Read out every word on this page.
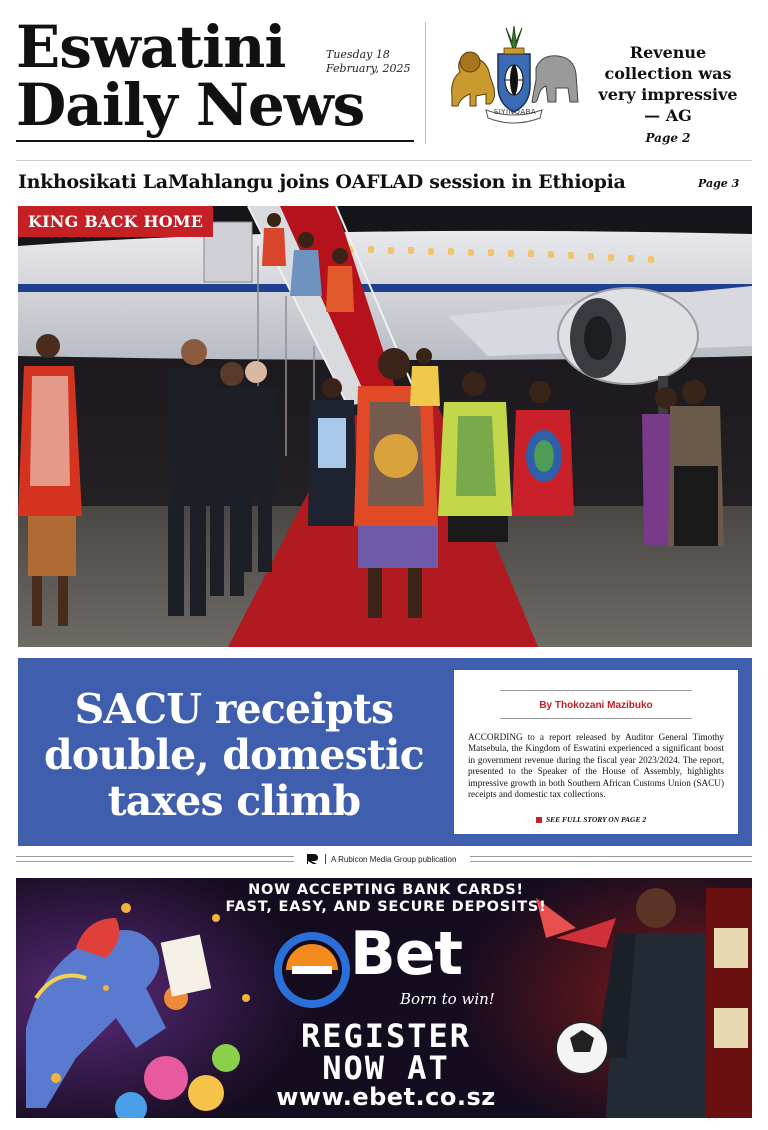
Eswatini
Daily News
Tuesday 18
February, 2025
SIYINQABA
Revenue collection was very impressive — AG
Page 2
Inkhosikati LaMahlangu joins OAFLAD session in Ethiopia	Page 3
KING BACK HOME
SACU receipts double, domestic taxes climb
By Thokozani Mazibuko

ACCORDING to a report released by Auditor General Timothy Matsebula, the Kingdom of Eswatini experienced a significant boost in government revenue during the fiscal year 2023/2024. The report, presented to the Speaker of the House of Assembly, highlights impressive growth in both Southern African Customs Union (SACU) receipts and domestic tax collections.

SEE FULL STORY ON PAGE 2
A Rubicon Media Group publication
NOW ACCEPTING BANK CARDS!
FAST, EASY, AND SECURE DEPOSITS!
Bet
Born to win!
REGISTER
NOW AT
www.ebet.co.sz
